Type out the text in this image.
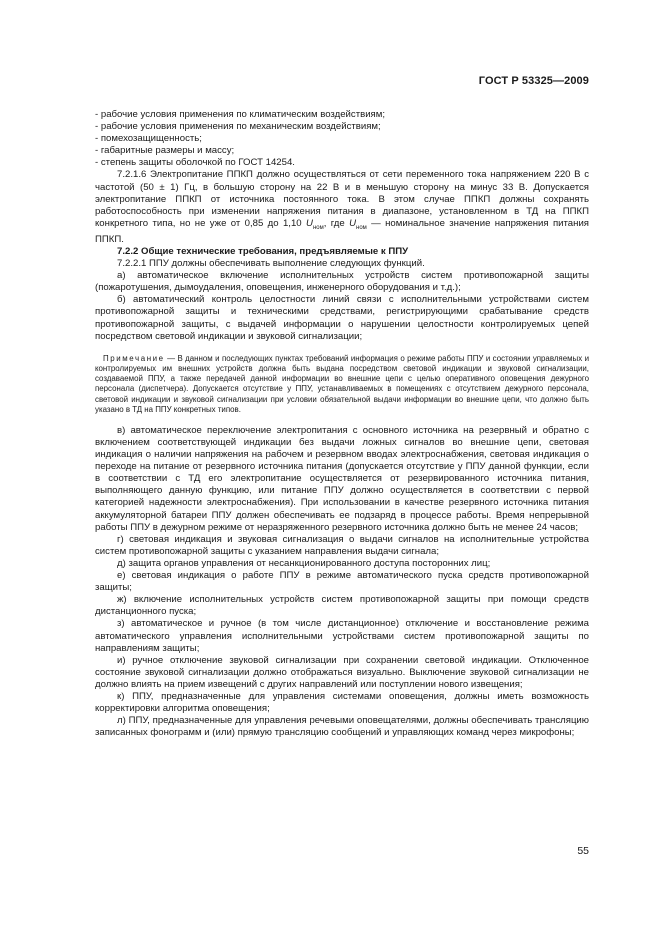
ГОСТ Р 53325—2009

- рабочие условия применения по климатическим воздействиям;

- рабочие условия применения по механическим воздействиям;

- помехозащищенность;

- габаритные размеры и массу;

- степень защиты оболочкой по ГОСТ 14254.

7.2.1.6 Электропитание ППКП должно осуществляться от сети переменного тока напряжением 220 В с частотой (50 ± 1) Гц, в большую сторону на 22 В и в меньшую сторону на минус 33 В. Допускается электропитание ППКП от источника постоянного тока. В этом случае ППКП должны сохранять работоспособность при изменении напряжения питания в диапазоне, установленном в ТД на ППКП конкретного типа, но не уже от 0,85 до 1,10 $U_{ном}$, где $U_{ном}$ — номинальное значение напряжения питания ППКП.

7.2.2 Общие технические требования, предъявляемые к ППУ

7.2.2.1 ППУ должны обеспечивать выполнение следующих функций.

а) автоматическое включение исполнительных устройств систем противопожарной защиты (пожаротушения, дымоудаления, оповещения, инженерного оборудования и т.д.);

б) автоматический контроль целостности линий связи с исполнительными устройствами систем противопожарной защиты и техническими средствами, регистрирующими срабатывание средств противопожарной защиты, с выдачей информации о нарушении целостности контролируемых цепей посредством световой индикации и звуковой сигнализации;

Примечание — В данном и последующих пунктах требований информация о режиме работы ППУ и состоянии управляемых и контролируемых им внешних устройств должна быть выдана посредством световой индикации и звуковой сигнализации, создаваемой ППУ, а также передачей данной информации во внешние цепи с целью оперативного оповещения дежурного персонала (диспетчера). Допускается отсутствие у ППУ, устанавливаемых в помещениях с отсутствием дежурного персонала, световой индикации и звуковой сигнализации при условии обязательной выдачи информации во внешние цепи, что должно быть указано в ТД на ППУ конкретных типов.

в) автоматическое переключение электропитания с основного источника на резервный и обратно с включением соответствующей индикации без выдачи ложных сигналов во внешние цепи, световая индикация о наличии напряжения на рабочем и резервном вводах электроснабжения, световая индикация о переходе на питание от резервного источника питания (допускается отсутствие у ППУ данной функции, если в соответствии с ТД его электропитание осуществляется от резервированного источника питания, выполняющего данную функцию, или питание ППУ должно осуществляется в соответствии с первой категорией надежности электроснабжения). При использовании в качестве резервного источника питания аккумуляторной батареи ППУ должен обеспечивать ее подзаряд в процессе работы. Время непрерывной работы ППУ в дежурном режиме от неразряженного резервного источника должно быть не менее 24 часов;

г) световая индикация и звуковая сигнализация о выдачи сигналов на исполнительные устройства систем противопожарной защиты с указанием направления выдачи сигнала;

д) защита органов управления от несанкционированного доступа посторонних лиц;

е) световая индикация о работе ППУ в режиме автоматического пуска средств противопожарной защиты;

ж) включение исполнительных устройств систем противопожарной защиты при помощи средств дистанционного пуска;

з) автоматическое и ручное (в том числе дистанционное) отключение и восстановление режима автоматического управления исполнительными устройствами систем противопожарной защиты по направлениям защиты;

и) ручное отключение звуковой сигнализации при сохранении световой индикации. Отключенное состояние звуковой сигнализации должно отображаться визуально. Выключение звуковой сигнализации не должно влиять на прием извещений с других направлений или поступлении нового извещения;

к) ППУ, предназначенные для управления системами оповещения, должны иметь возможность корректировки алгоритма оповещения;

л) ППУ, предназначенные для управления речевыми оповещателями, должны обеспечивать трансляцию записанных фонограмм и (или) прямую трансляцию сообщений и управляющих команд через микрофоны;

55
